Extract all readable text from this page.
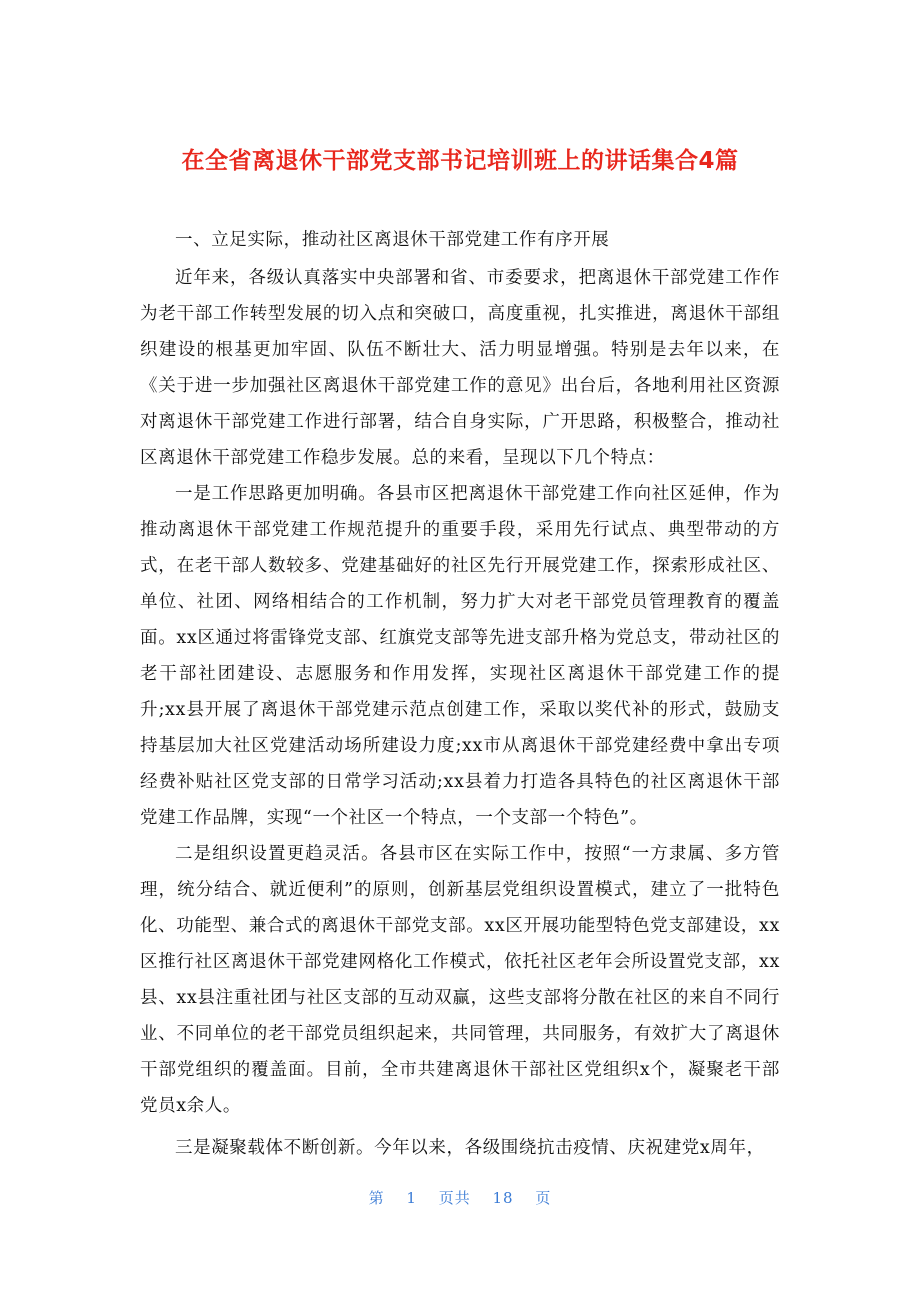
在全省离退休干部党支部书记培训班上的讲话集合4篇

一、立足实际，推动社区离退休干部党建工作有序开展

近年来，各级认真落实中央部署和省、市委要求，把离退休干部党建工作作为老干部工作转型发展的切入点和突破口，高度重视，扎实推进，离退休干部组织建设的根基更加牢固、队伍不断壮大、活力明显增强。特别是去年以来，在《关于进一步加强社区离退休干部党建工作的意见》出台后，各地利用社区资源对离退休干部党建工作进行部署，结合自身实际，广开思路，积极整合，推动社区离退休干部党建工作稳步发展。总的来看，呈现以下几个特点：

一是工作思路更加明确。各县市区把离退休干部党建工作向社区延伸，作为推动离退休干部党建工作规范提升的重要手段，采用先行试点、典型带动的方式，在老干部人数较多、党建基础好的社区先行开展党建工作，探索形成社区、单位、社团、网络相结合的工作机制，努力扩大对老干部党员管理教育的覆盖面。xx区通过将雷锋党支部、红旗党支部等先进支部升格为党总支，带动社区的老干部社团建设、志愿服务和作用发挥，实现社区离退休干部党建工作的提升;xx县开展了离退休干部党建示范点创建工作，采取以奖代补的形式，鼓励支持基层加大社区党建活动场所建设力度;xx市从离退休干部党建经费中拿出专项经费补贴社区党支部的日常学习活动;xx县着力打造各具特色的社区离退休干部党建工作品牌，实现“一个社区一个特点，一个支部一个特色”。

二是组织设置更趋灵活。各县市区在实际工作中，按照“一方隶属、多方管理，统分结合、就近便利”的原则，创新基层党组织设置模式，建立了一批特色化、功能型、兼合式的离退休干部党支部。xx区开展功能型特色党支部建设，xx区推行社区离退休干部党建网格化工作模式，依托社区老年会所设置党支部，xx县、xx县注重社团与社区支部的互动双赢，这些支部将分散在社区的来自不同行业、不同单位的老干部党员组织起来，共同管理，共同服务，有效扩大了离退休干部党组织的覆盖面。目前，全市共建离退休干部社区党组织x个，凝聚老干部党员x余人。

三是凝聚载体不断创新。今年以来，各级围绕抗击疫情、庆祝建党x周年，

第 1 页共 18 页
